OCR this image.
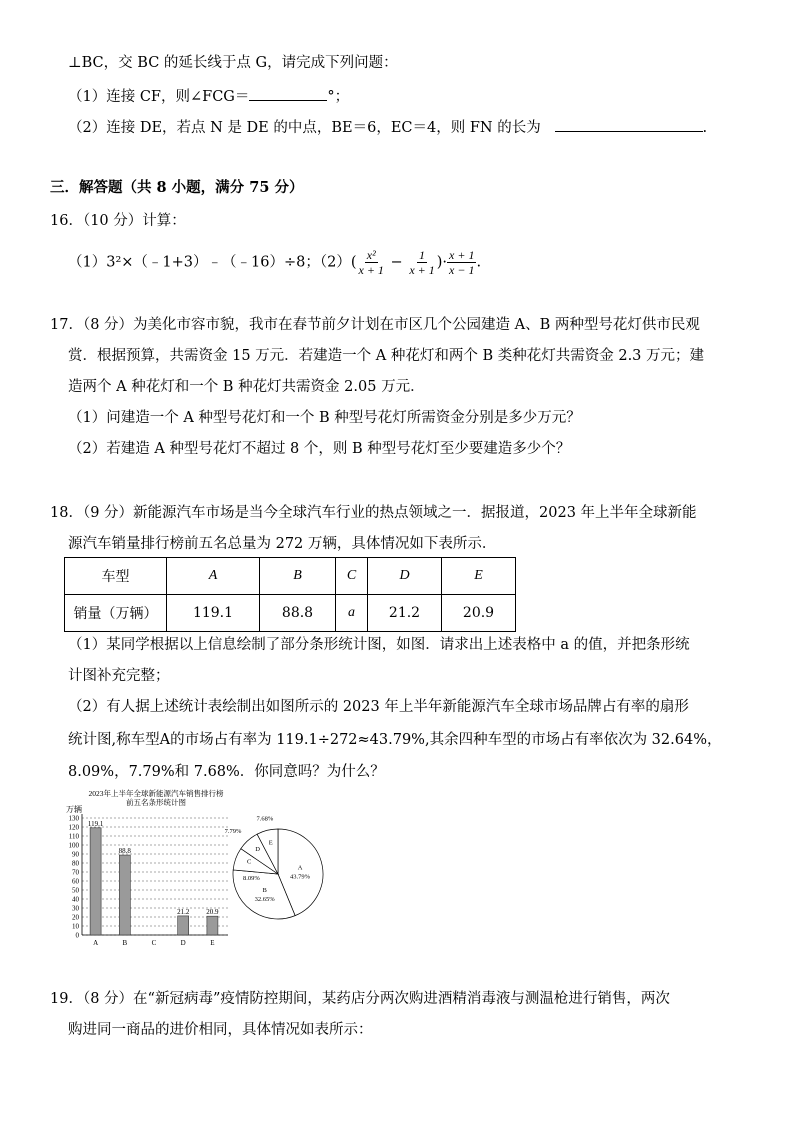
⊥BC，交 BC 的延长线于点 G，请完成下列问题：
（1）连接 CF，则∠FCG＝	°；
（2）连接 DE，若点 N 是 DE 的中点，BE＝6，EC＝4，则 FN 的长为	.
三．解答题（共 8 小题，满分 75 分）
16．（10 分）计算：
（1）3²×（﹣1+3）﹣（﹣16）÷8；$(2)( \frac{\text{x²}}{x + 1} - \frac{1}{x + 1}$ )· $\frac{x + 1}{x - 1}$ .
17．（8 分）为美化市容市貌，我市在春节前夕计划在市区几个公园建造 A、B 两种型号花灯供市民观
赏．根据预算，共需资金 15 万元．若建造一个 A 种花灯和两个 B 类种花灯共需资金 2.3 万元；建
造两个 A 种花灯和一个 B 种花灯共需资金 2.05 万元．
（1）问建造一个 A 种型号花灯和一个 B 种型号花灯所需资金分别是多少万元？
（2）若建造 A 种型号花灯不超过 8 个，则 B 种型号花灯至少要建造多少个？
18．（9 分）新能源汽车市场是当今全球汽车行业的热点领域之一．据报道，2023 年上半年全球新能
源汽车销量排行榜前五名总量为 272 万辆，具体情况如下表所示．
车型	A	B	C	D	E
销量（万辆）	119.1	88.8	a	21.2	20.9
（1）某同学根据以上信息绘制了部分条形统计图，如图．请求出上述表格中 a 的值，并把条形统
计图补充完整；
（2）有人据上述统计表绘制出如图所示的 2023 年上半年新能源汽车全球市场品牌占有率的扇形
统计图,称车型A的市场占有率为 119.1÷272≈43.79%,其余四种车型的市场占有率依次为 32.64%，
8.09%，7.79%和 7.68%．你同意吗？为什么？
2023年上半年全球新能源汽车销售排行榜
前五名条形统计图
万辆
0
10
20
30
40
50
60
70
80
90
100
110
120
130
119.1
A
88.8
B	C
21.2
D
20.9
E
A
43.79%
B
32.65%
C
8.09%
D
7.79%
E
7.68%
19．（8 分）在“新冠病毒”疫情防控期间，某药店分两次购进酒精消毒液与测温枪进行销售，两次
购进同一商品的进价相同，具体情况如表所示：
